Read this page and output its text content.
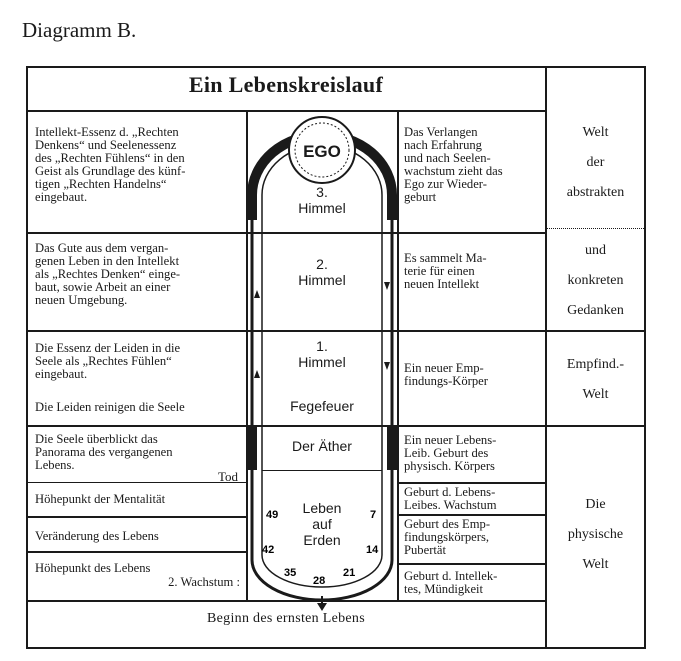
Diagramm B.
Ein Lebenskreislauf
Intellekt-Essenz d. „Rechten
Denkens“ und Seelenessenz
des „Rechten Fühlens“ in den
Geist als Grundlage des künf-
tigen „Rechten Handelns“
eingebaut.
Das Gute aus dem vergan-
genen Leben in den Intellekt
als „Rechtes Denken“ einge-
baut, sowie Arbeit an einer
neuen Umgebung.
Die Essenz der Leiden in die
Seele als „Rechtes Fühlen“
eingebaut.
Die Leiden reinigen die Seele
Die Seele überblickt das
Panorama des vergangenen
Lebens.
Tod
Höhepunkt der Mentalität
Veränderung des Lebens
Höhepunkt des Lebens
2. Wachstum :
Das Verlangen
nach Erfahrung
und nach Seelen-
wachstum zieht das
Ego zur Wieder-
geburt
Es sammelt Ma-
terie für einen
neuen Intellekt
Ein neuer Emp-
findungs-Körper
Ein neuer Lebens-
Leib. Geburt des
physisch. Körpers
Geburt d. Lebens-
Leibes. Wachstum
Geburt des Emp-
findungskörpers,
Pubertät
Geburt d. Intellek-
tes, Mündigkeit
Welt
der
abstrakten
und
konkreten
Gedanken
Empfind.-
Welt
Die
physische
Welt
EGO
49
42
35
28
21
14
7
3.
Himmel
2.
Himmel
1.
Himmel
Fegefeuer
Der Äther
Leben
auf
Erden
Beginn des ernsten Lebens
